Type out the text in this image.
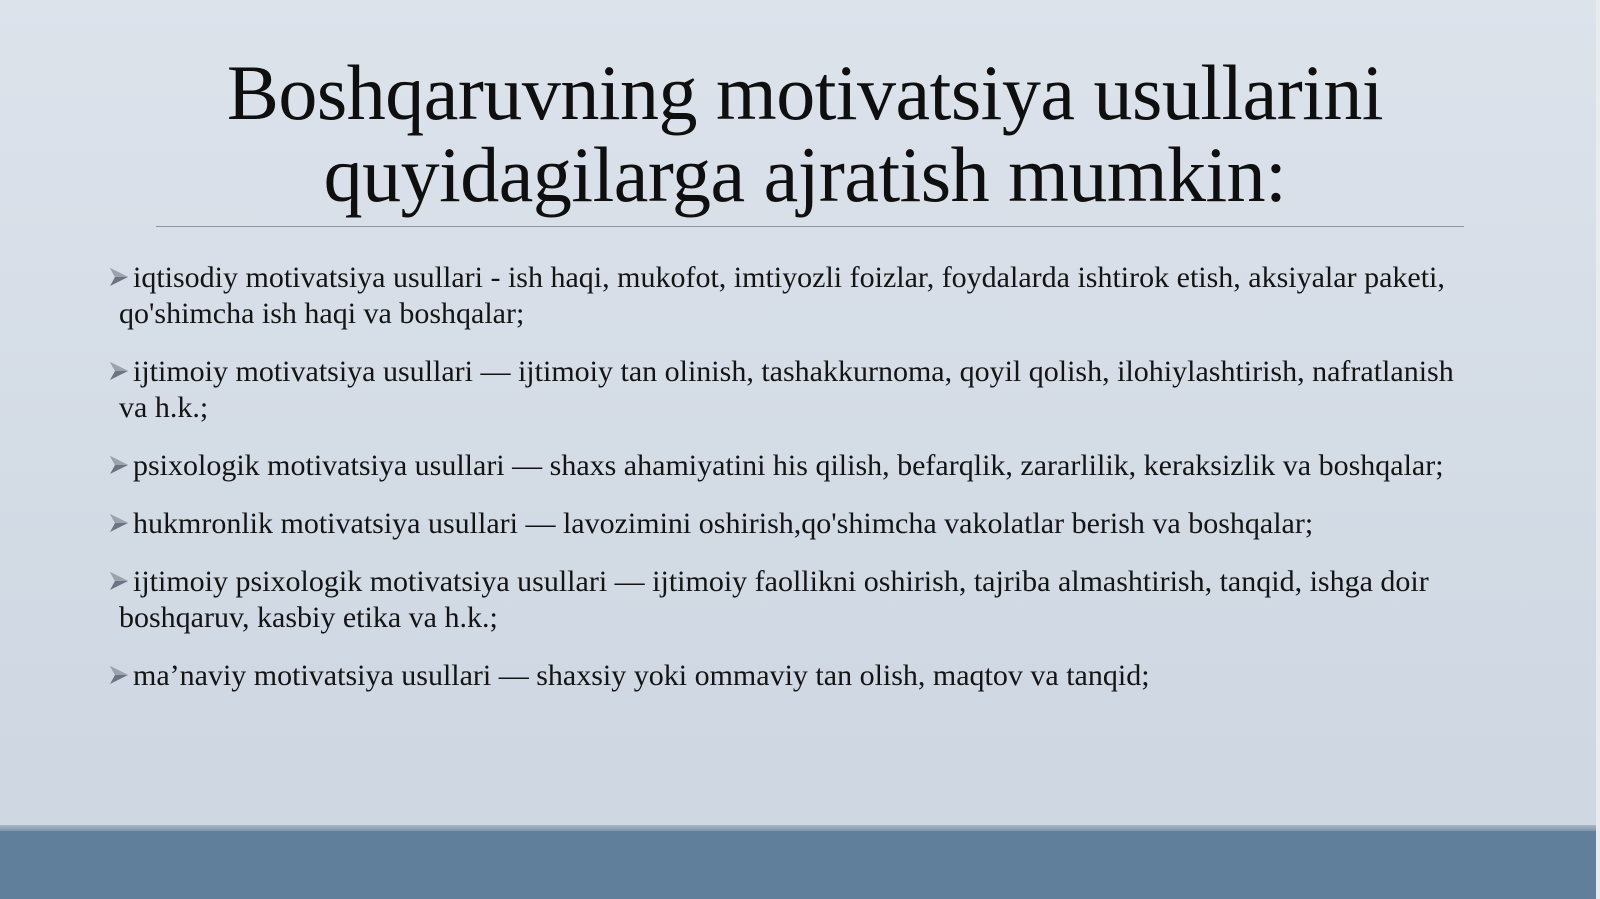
Boshqaruvning motivatsiya usullarini quyidagilarga ajratish mumkin:
iqtisodiy motivatsiya usullari - ish haqi, mukofot, imtiyozli foizlar, foydalarda ishtirok etish, aksiyalar paketi, qo'shimcha ish haqi va boshqalar;
ijtimoiy motivatsiya usullari — ijtimoiy tan olinish, tashakkurnoma, qoyil qolish, ilohiylashtirish, nafratlanish va h.k.;
psixologik motivatsiya usullari — shaxs ahamiyatini his qilish, befarqlik, zararlilik, keraksizlik va boshqalar;
hukmronlik motivatsiya usullari — lavozimini oshirish,qo'shimcha vakolatlar berish va boshqalar;
ijtimoiy psixologik motivatsiya usullari — ijtimoiy faollikni oshirish, tajriba almashtirish, tanqid, ishga doir boshqaruv, kasbiy etika va h.k.;
ma’naviy motivatsiya usullari — shaxsiy yoki ommaviy tan olish, maqtov va tanqid;
